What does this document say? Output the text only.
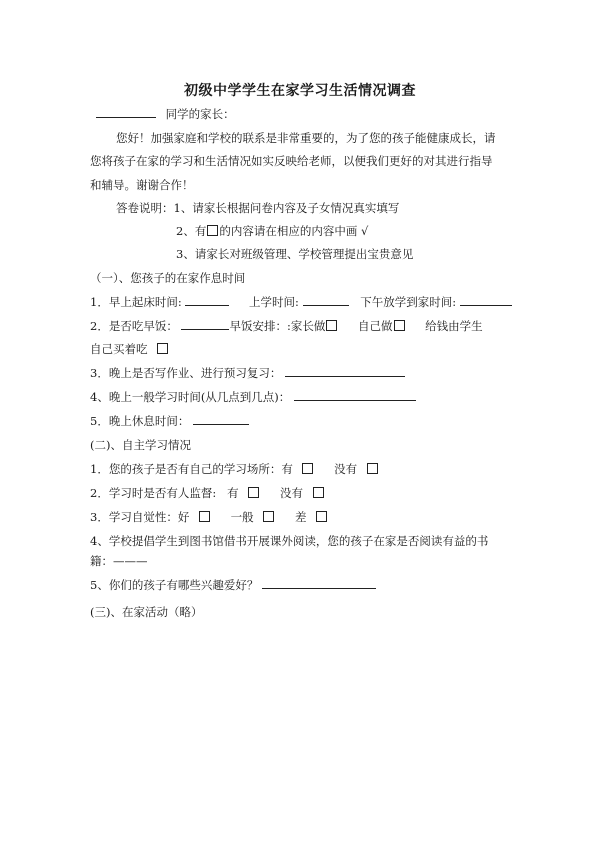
初级中学学生在家学习生活情况调查
同学的家长：
您好！加强家庭和学校的联系是非常重要的，为了您的孩子能健康成长，请
您将孩子在家的学习和生活情况如实反映给老师，以便我们更好的对其进行指导
和辅导。谢谢合作！
答卷说明：1、请家长根据问卷内容及子女情况真实填写
2、有 的内容请在相应的内容中画 √
3、请家长对班级管理、学校管理提出宝贵意见
（一）、您孩子的在家作息时间
1．早上起床时间:	上学时间:	下午放学到家时间:
2．是否吃早饭：	早饭安排：:家长做	自己做	给钱由学生
自己买着吃
3．晚上是否写作业、进行预习复习：
4、晚上一般学习时间(从几点到几点)：
5．晚上休息时间：
(二)、自主学习情况
1．您的孩子是否有自己的学习场所：有	没有
2．学习时是否有人监督:   有	没有
3．学习自觉性：好	一般	差
4、学校提倡学生到图书馆借书开展课外阅读，您的孩子在家是否阅读有益的书
籍：———
5、你们的孩子有哪些兴趣爱好？
(三)、在家活动（略）
